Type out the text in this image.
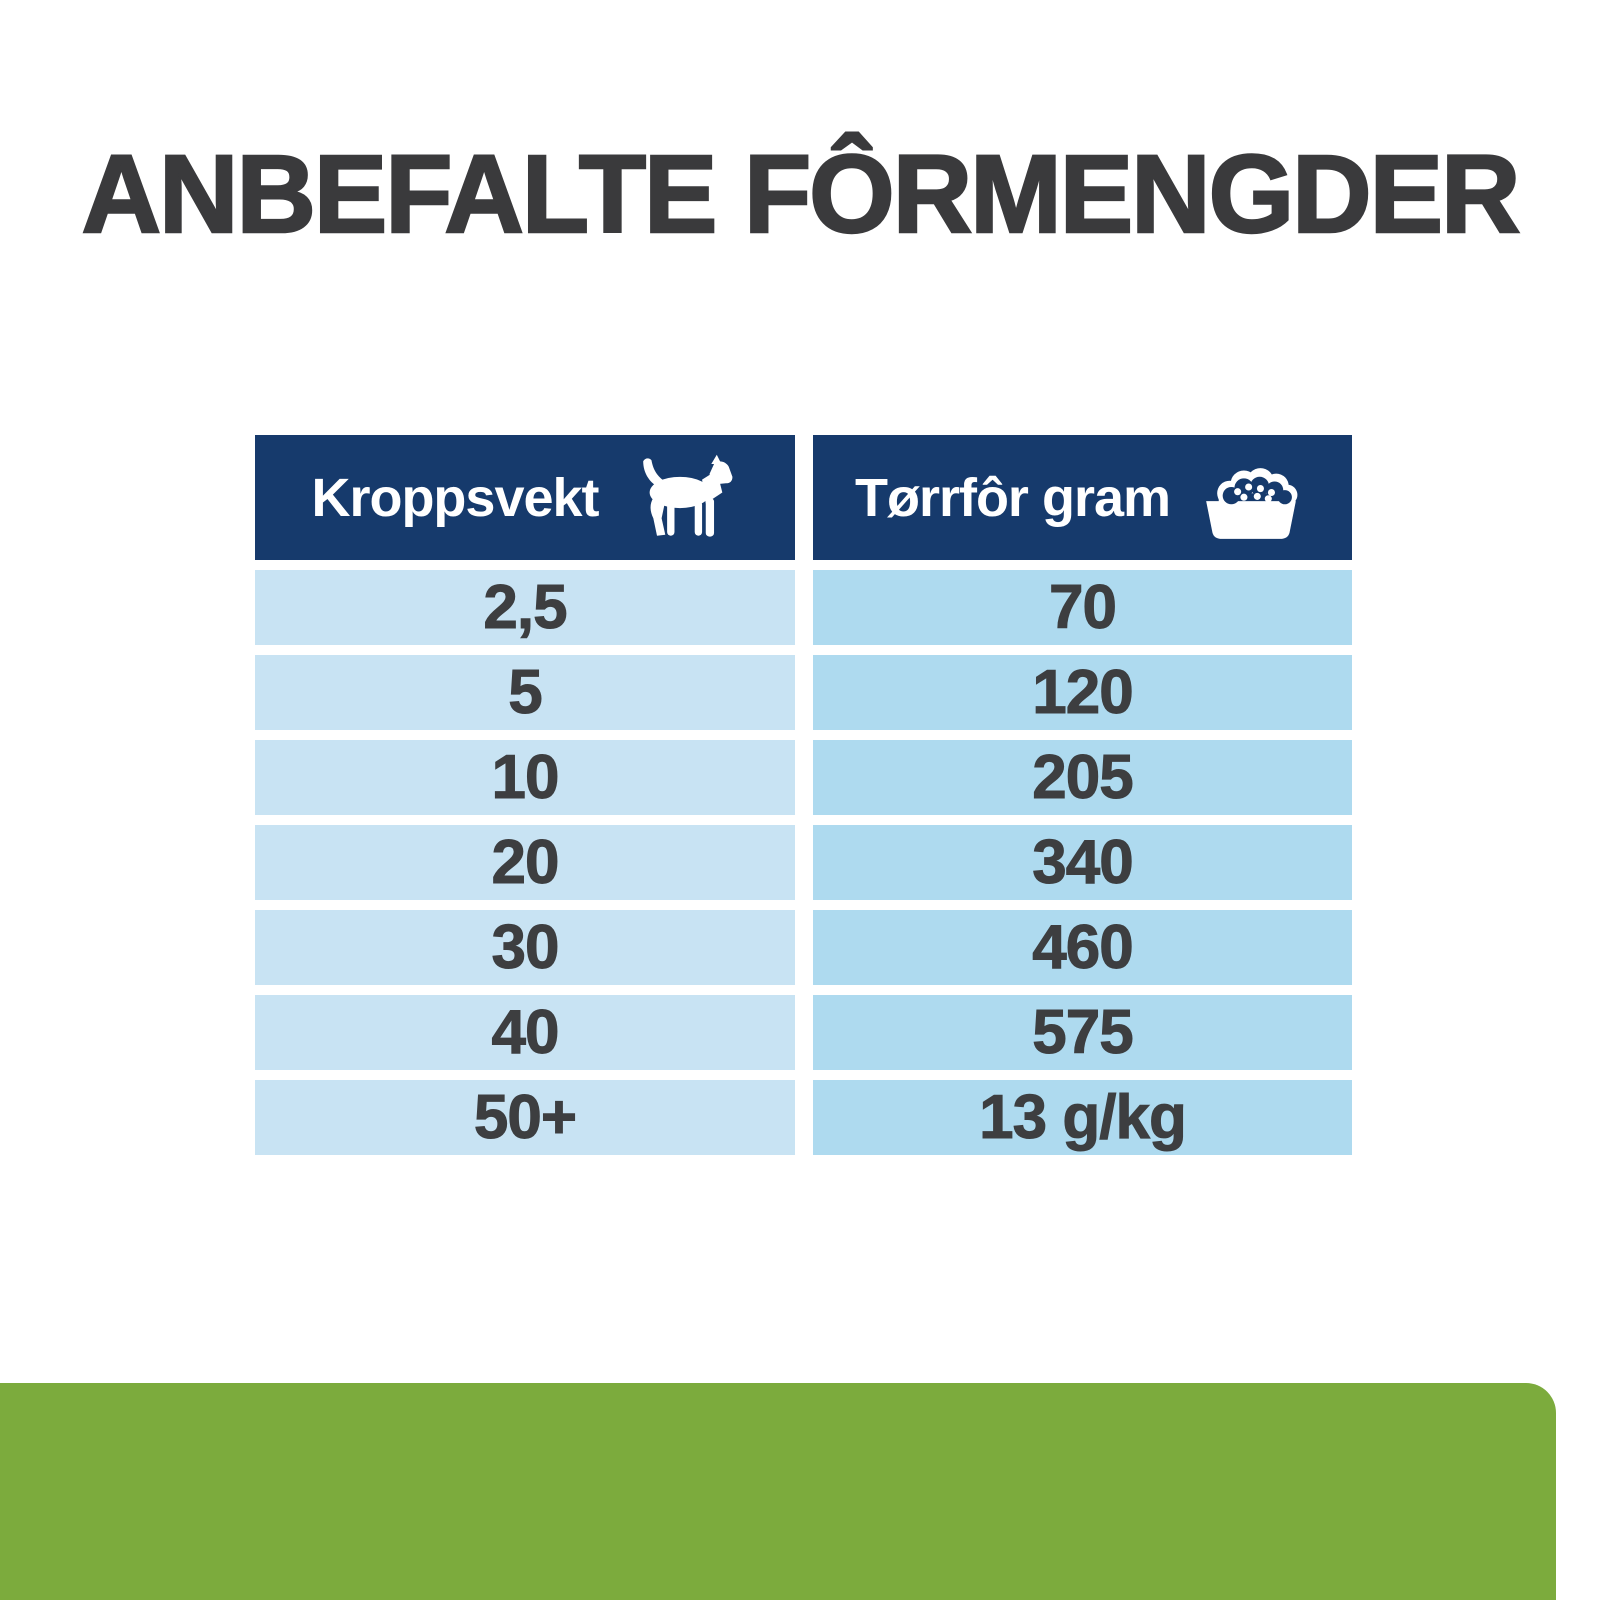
ANBEFALTE FÔRMENGDER
Kroppsvekt	Tørrfôr gram
2,5	70
5	120
10	205
20	340
30	460
40	575
50+	13 g/kg
